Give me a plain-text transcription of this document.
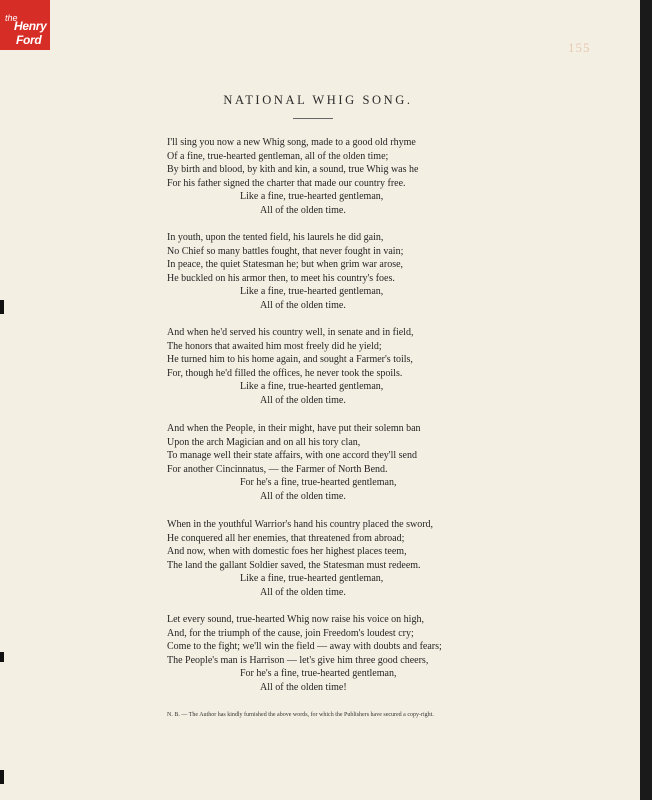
the
Henry
Ford	155
NATIONAL WHIG SONG.
I'll sing you now a new Whig song, made to a good old rhyme
Of a fine, true-hearted gentleman, all of the olden time;
By birth and blood, by kith and kin, a sound, true Whig was he
For his father signed the charter that made our country free.
Like a fine, true-hearted gentleman,
All of the olden time.
In youth, upon the tented field, his laurels he did gain,
No Chief so many battles fought, that never fought in vain;
In peace, the quiet Statesman he; but when grim war arose,
He buckled on his armor then, to meet his country's foes.
Like a fine, true-hearted gentleman,
All of the olden time.
And when he'd served his country well, in senate and in field,
The honors that awaited him most freely did he yield;
He turned him to his home again, and sought a Farmer's toils,
For, though he'd filled the offices, he never took the spoils.
Like a fine, true-hearted gentleman,
All of the olden time.
And when the People, in their might, have put their solemn ban
Upon the arch Magician and on all his tory clan,
To manage well their state affairs, with one accord they'll send
For another Cincinnatus, — the Farmer of North Bend.
For he's a fine, true-hearted gentleman,
All of the olden time.
When in the youthful Warrior's hand his country placed the sword,
He conquered all her enemies, that threatened from abroad;
And now, when with domestic foes her highest places teem,
The land the gallant Soldier saved, the Statesman must redeem.
Like a fine, true-hearted gentleman,
All of the olden time.
Let every sound, true-hearted Whig now raise his voice on high,
And, for the triumph of the cause, join Freedom's loudest cry;
Come to the fight; we'll win the field — away with doubts and fears;
The People's man is Harrison — let's give him three good cheers,
For he's a fine, true-hearted gentleman,
All of the olden time!
N. B. — The Author has kindly furnished the above words, for which the Publishers have secured a copy-right.
